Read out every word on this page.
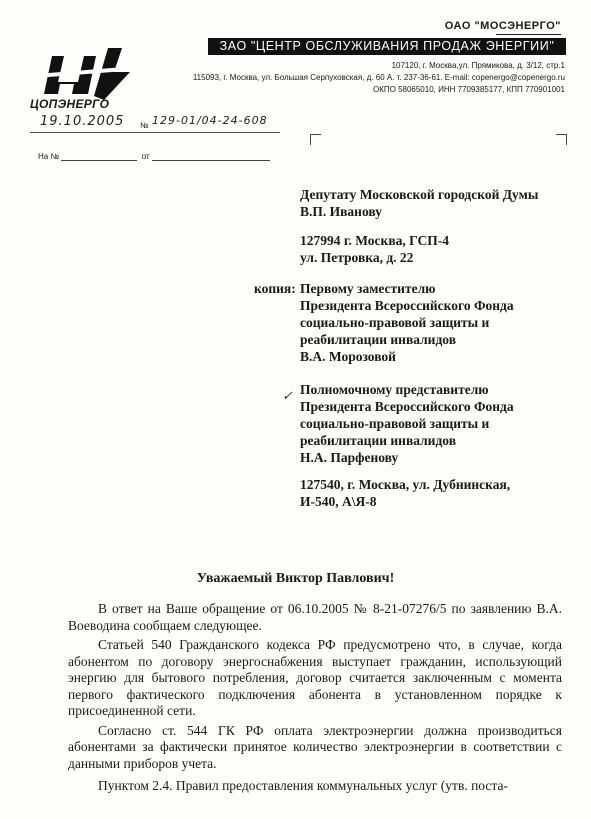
ОАО "МОСЭНЕРГО"
ЦОПЭНЕРГО
ЗАО "ЦЕНТР ОБСЛУЖИВАНИЯ ПРОДАЖ ЭНЕРГИИ"
107120, г. Москва,ул. Прямикова, д. 3/12, стр.1
115093, г. Москва, ул. Большая Серпуховская, д. 60 А. т. 237-36-61. E-mail: copenergo@copenergo.ru
ОКПО 58065010, ИНН 7709385177, КПП 770901001
19.10.2005 № 129-01/04-24-608
На №	от
Депутату Московской городской Думы
В.П. Иванову
127994 г. Москва, ГСП-4
ул. Петровка, д. 22
копия: Первому заместителю
Президента Всероссийского Фонда
социально-правовой защиты и
реабилитации инвалидов
В.А. Морозовой
✓ Полномочному представителю
Президента Всероссийского Фонда
социально-правовой защиты и
реабилитации инвалидов
Н.А. Парфенову
127540, г. Москва, ул. Дубнинская,
И-540, А\Я-8
Уважаемый Виктор Павлович!

В ответ на Ваше обращение от 06.10.2005 № 8-21-07276/5 по заявлению В.А. Воеводина сообщаем следующее.

Статьей 540 Гражданского кодекса РФ предусмотрено что, в случае, когда абонентом по договору энергоснабжения выступает гражданин, использующий энергию для бытового потребления, договор считается заключенным с момента первого фактического подключения абонента в установленном порядке к присоединенной сети.

Согласно ст. 544 ГК РФ оплата электроэнергии должна производиться абонентами за фактически принятое количество электроэнергии в соответствии с данными приборов учета.

Пунктом 2.4. Правил предоставления коммунальных услуг (утв. поста-
